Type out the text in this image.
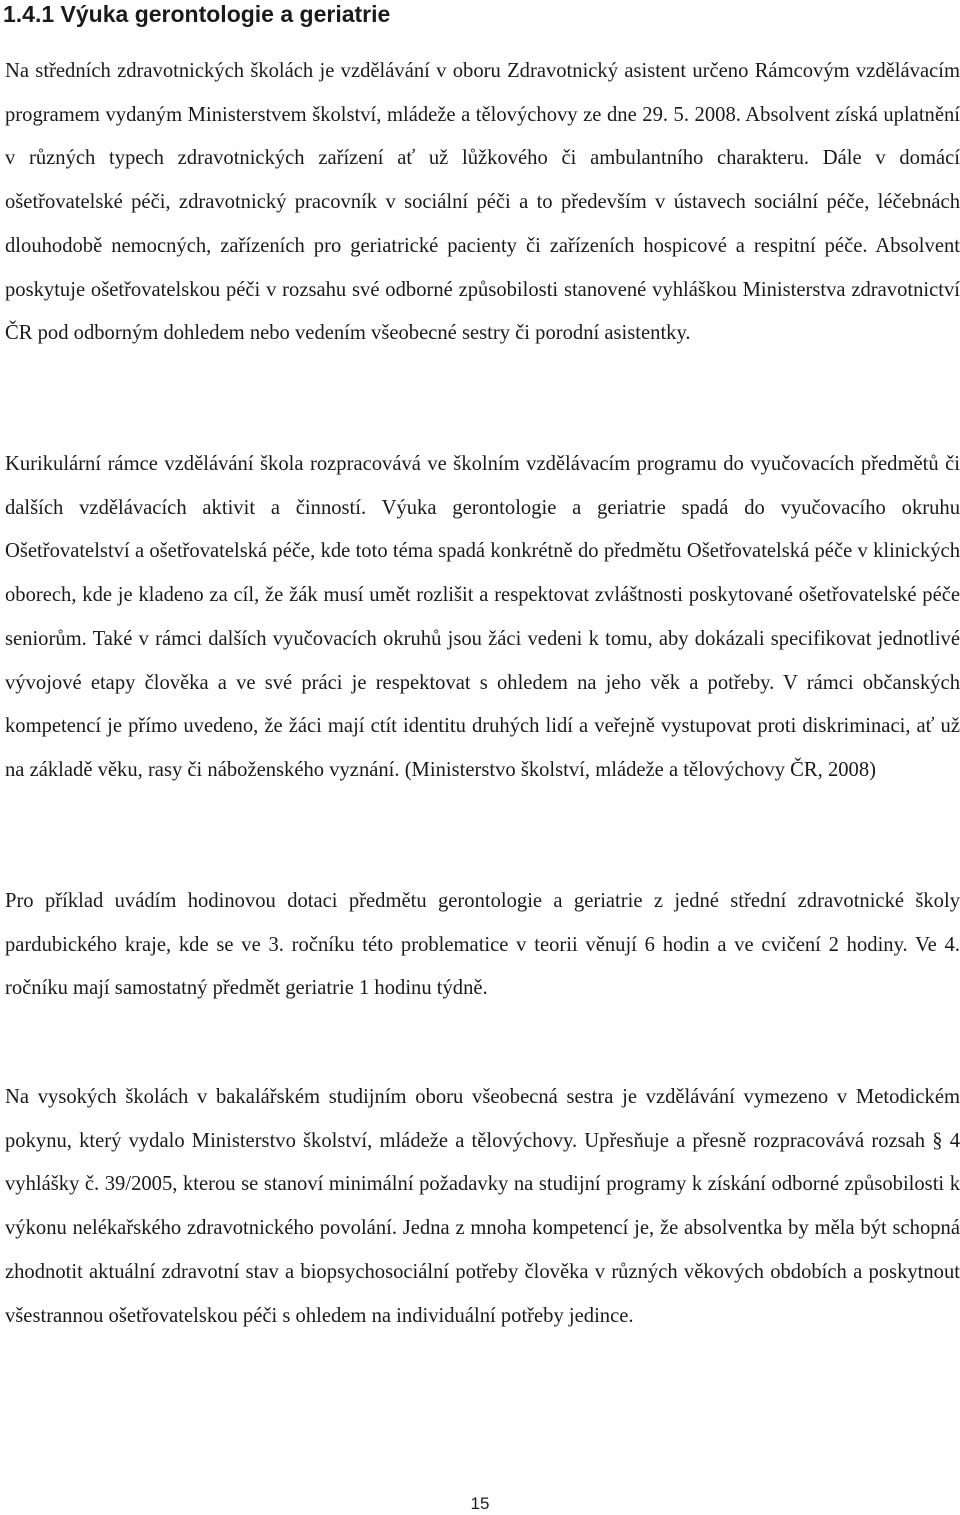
1.4.1 Výuka gerontologie a geriatrie

Na středních zdravotnických školách je vzdělávání v oboru Zdravotnický asistent určeno Rámcovým vzdělávacím programem vydaným Ministerstvem školství, mládeže a tělovýchovy ze dne 29. 5. 2008. Absolvent získá uplatnění v různých typech zdravotnických zařízení ať už lůžkového či ambulantního charakteru. Dále v domácí ošetřovatelské péči, zdravotnický pracovník v sociální péči a to především v ústavech sociální péče, léčebnách dlouhodobě nemocných, zařízeních pro geriatrické pacienty či zařízeních hospicové a respitní péče. Absolvent poskytuje ošetřovatelskou péči v rozsahu své odborné způsobilosti stanovené vyhláškou Ministerstva zdravotnictví ČR pod odborným dohledem nebo vedením všeobecné sestry či porodní asistentky.

Kurikulární rámce vzdělávání škola rozpracovává ve školním vzdělávacím programu do vyučovacích předmětů či dalších vzdělávacích aktivit a činností. Výuka gerontologie a geriatrie spadá do vyučovacího okruhu Ošetřovatelství a ošetřovatelská péče, kde toto téma spadá konkrétně do předmětu Ošetřovatelská péče v klinických oborech, kde je kladeno za cíl, že žák musí umět rozlišit a respektovat zvláštnosti poskytované ošetřovatelské péče seniorům. Také v rámci dalších vyučovacích okruhů jsou žáci vedeni k tomu, aby dokázali specifikovat jednotlivé vývojové etapy člověka a ve své práci je respektovat s ohledem na jeho věk a potřeby. V rámci občanských kompetencí je přímo uvedeno, že žáci mají ctít identitu druhých lidí a veřejně vystupovat proti diskriminaci, ať už na základě věku, rasy či náboženského vyznání. (Ministerstvo školství, mládeže a tělovýchovy ČR, 2008)

Pro příklad uvádím hodinovou dotaci předmětu gerontologie a geriatrie z jedné střední zdravotnické školy pardubického kraje, kde se ve 3. ročníku této problematice v teorii věnují 6 hodin a ve cvičení 2 hodiny. Ve 4. ročníku mají samostatný předmět geriatrie 1 hodinu týdně.

Na vysokých školách v bakalářském studijním oboru všeobecná sestra je vzdělávání vymezeno v Metodickém pokynu, který vydalo Ministerstvo školství, mládeže a tělovýchovy. Upřesňuje a přesně rozpracovává rozsah § 4 vyhlášky č. 39/2005, kterou se stanoví minimální požadavky na studijní programy k získání odborné způsobilosti k výkonu nelékařského zdravotnického povolání. Jedna z mnoha kompetencí je, že absolventka by měla být schopná zhodnotit aktuální zdravotní stav a biopsychosociální potřeby člověka v různých věkových obdobích a poskytnout všestrannou ošetřovatelskou péči s ohledem na individuální potřeby jedince.

15
